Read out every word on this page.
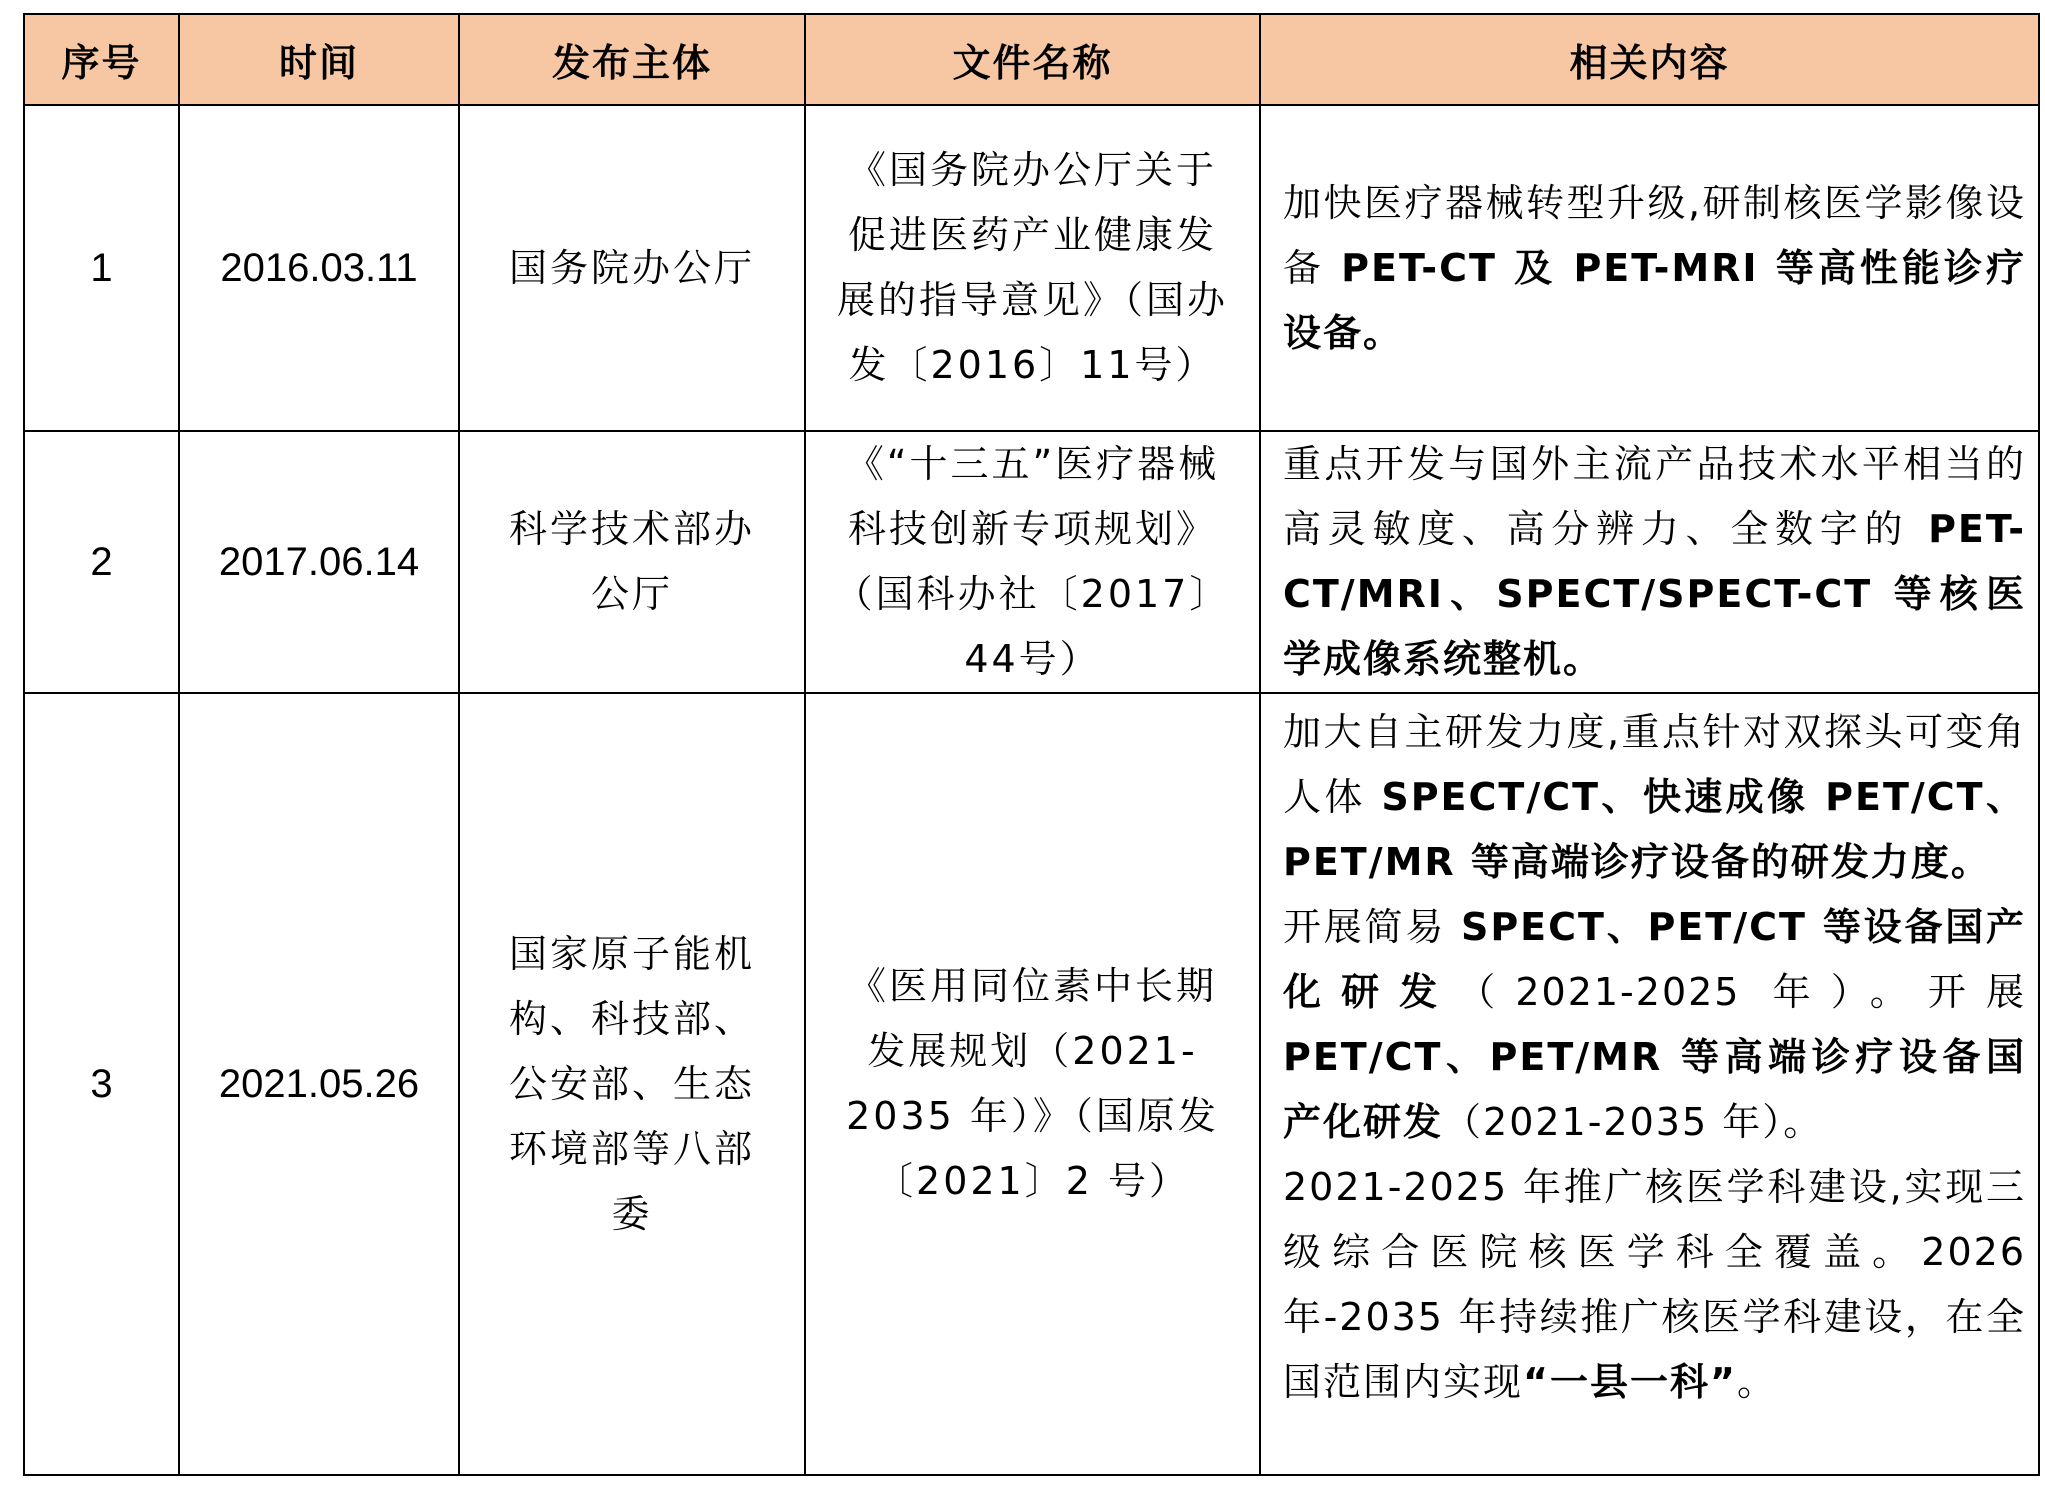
序号	时间	发布主体	文件名称	相关内容
1	2016.03.11	国务院办公厅	《国务院办公厅关于促进医药产业健康发展的指导意见》（国办发〔2016〕11号）	加快医疗器械转型升级,研制核医学影像设备 PET-CT 及 PET-MRI 等高性能诊疗设备。

2	2017.06.14	科学技术部办公厅	《“十三五”医疗器械科技创新专项规划》（国科办社〔2017〕44号）	重点开发与国外主流产品技术水平相当的高灵敏度、高分辨力、全数字的 PET-CT/MRI、SPECT/SPECT-CT 等核医学成像系统整机。

3	2021.05.26	国家原子能机构、科技部、公安部、生态环境部等八部委	《医用同位素中长期发展规划（2021-2035 年）》（国原发〔2021〕2 号）	加大自主研发力度,重点针对双探头可变角人体 SPECT/CT、快速成像 PET/CT、PET/MR 等高端诊疗设备的研发力度。

开展简易 SPECT、PET/CT 等设备国产化研发（2021-2025 年）。开展 PET/CT、PET/MR 等高端诊疗设备国产化研发（2021-2035 年）。

2021-2025 年推广核医学科建设,实现三级综合医院核医学科全覆盖。2026 年-2035 年持续推广核医学科建设，在全国范围内实现“一县一科”。
